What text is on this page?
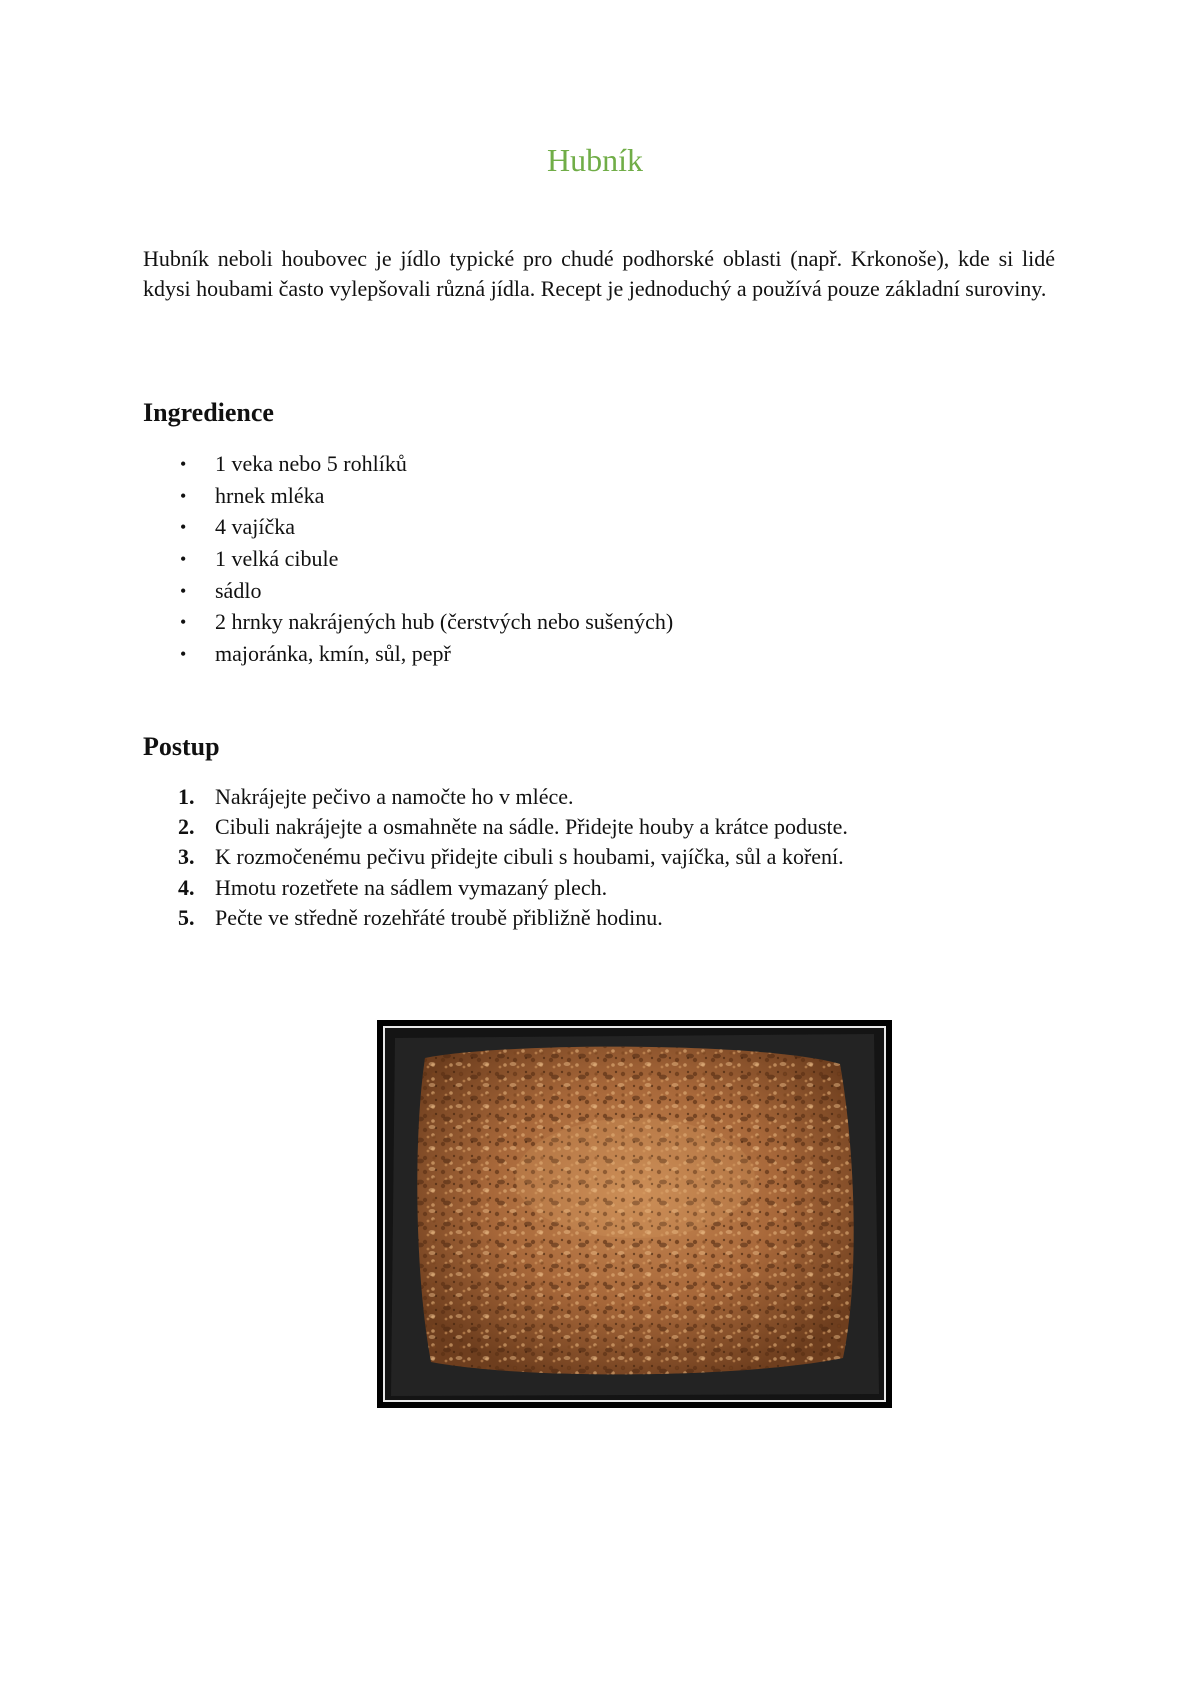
Hubník

Hubník neboli houbovec je jídlo typické pro chudé podhorské oblasti (např. Krkonoše), kde si lidé kdysi houbami často vylepšovali různá jídla. Recept je jednoduchý a používá pouze základní suroviny.

Ingredience
•	1 veka nebo 5 rohlíků
•	hrnek mléka
•	4 vajíčka
•	1 velká cibule
•	sádlo
•	2 hrnky nakrájených hub (čerstvých nebo sušených)
•	majoránka, kmín, sůl, pepř
Postup
1. Nakrájejte pečivo a namočte ho v mléce.
2. Cibuli nakrájejte a osmahněte na sádle. Přidejte houby a krátce poduste.
3. K rozmočenému pečivu přidejte cibuli s houbami, vajíčka, sůl a koření.
4. Hmotu rozetřete na sádlem vymazaný plech.
5. Pečte ve středně rozehřáté troubě přibližně hodinu.
